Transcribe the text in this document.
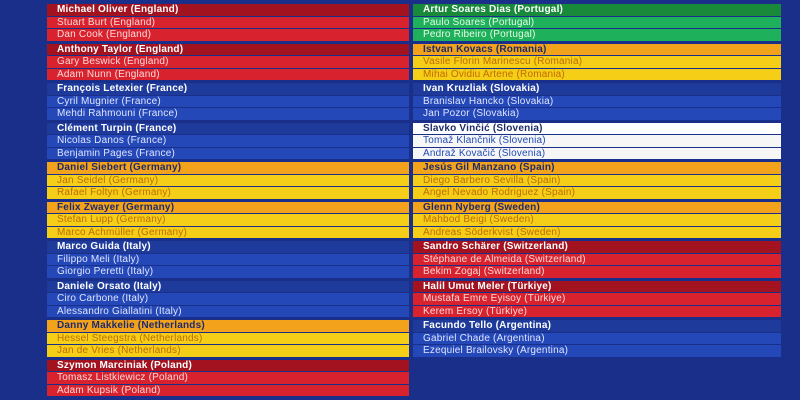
Michael Oliver (England)
Stuart Burt (England)
Dan Cook (England)
Anthony Taylor (England)
Gary Beswick (England)
Adam Nunn (England)
François Letexier (France)
Cyril Mugnier (France)
Mehdi Rahmouni (France)
Clément Turpin (France)
Nicolas Danos (France)
Benjamin Pages (France)
Daniel Siebert (Germany)
Jan Seidel (Germany)
Rafael Foltyn (Germany)
Felix Zwayer (Germany)
Stefan Lupp (Germany)
Marco Achmüller (Germany)
Marco Guida (Italy)
Filippo Meli (Italy)
Giorgio Peretti (Italy)
Daniele Orsato (Italy)
Ciro Carbone (Italy)
Alessandro Giallatini (Italy)
Danny Makkelie (Netherlands)
Hessel Steegstra (Netherlands)
Jan de Vries (Netherlands)
Szymon Marciniak (Poland)
Tomasz Listkiewicz (Poland)
Adam Kupsik (Poland)
Artur Soares Dias (Portugal)
Paulo Soares (Portugal)
Pedro Ribeiro (Portugal)
Istvan Kovacs (Romania)
Vasile Florin Marinescu (Romania)
Mihai Ovidiu Artene (Romania)
Ivan Kruzliak (Slovakia)
Branislav Hancko (Slovakia)
Jan Pozor (Slovakia)
Slavko Vinčić (Slovenia)
Tomaž Klančnik (Slovenia)
Andraž Kovačič (Slovenia)
Jesús Gil Manzano (Spain)
Diego Barbero Sevilla (Spain)
Ángel Nevado Rodriguez (Spain)
Glenn Nyberg (Sweden)
Mahbod Beigi (Sweden)
Andreas Söderkvist (Sweden)
Sandro Schärer (Switzerland)
Stéphane de Almeida (Switzerland)
Bekim Zogaj (Switzerland)
Halil Umut Meler (Türkiye)
Mustafa Emre Eyisoy (Türkiye)
Kerem Ersoy (Türkiye)
Facundo Tello (Argentina)
Gabriel Chade (Argentina)
Ezequiel Brailovsky (Argentina)
